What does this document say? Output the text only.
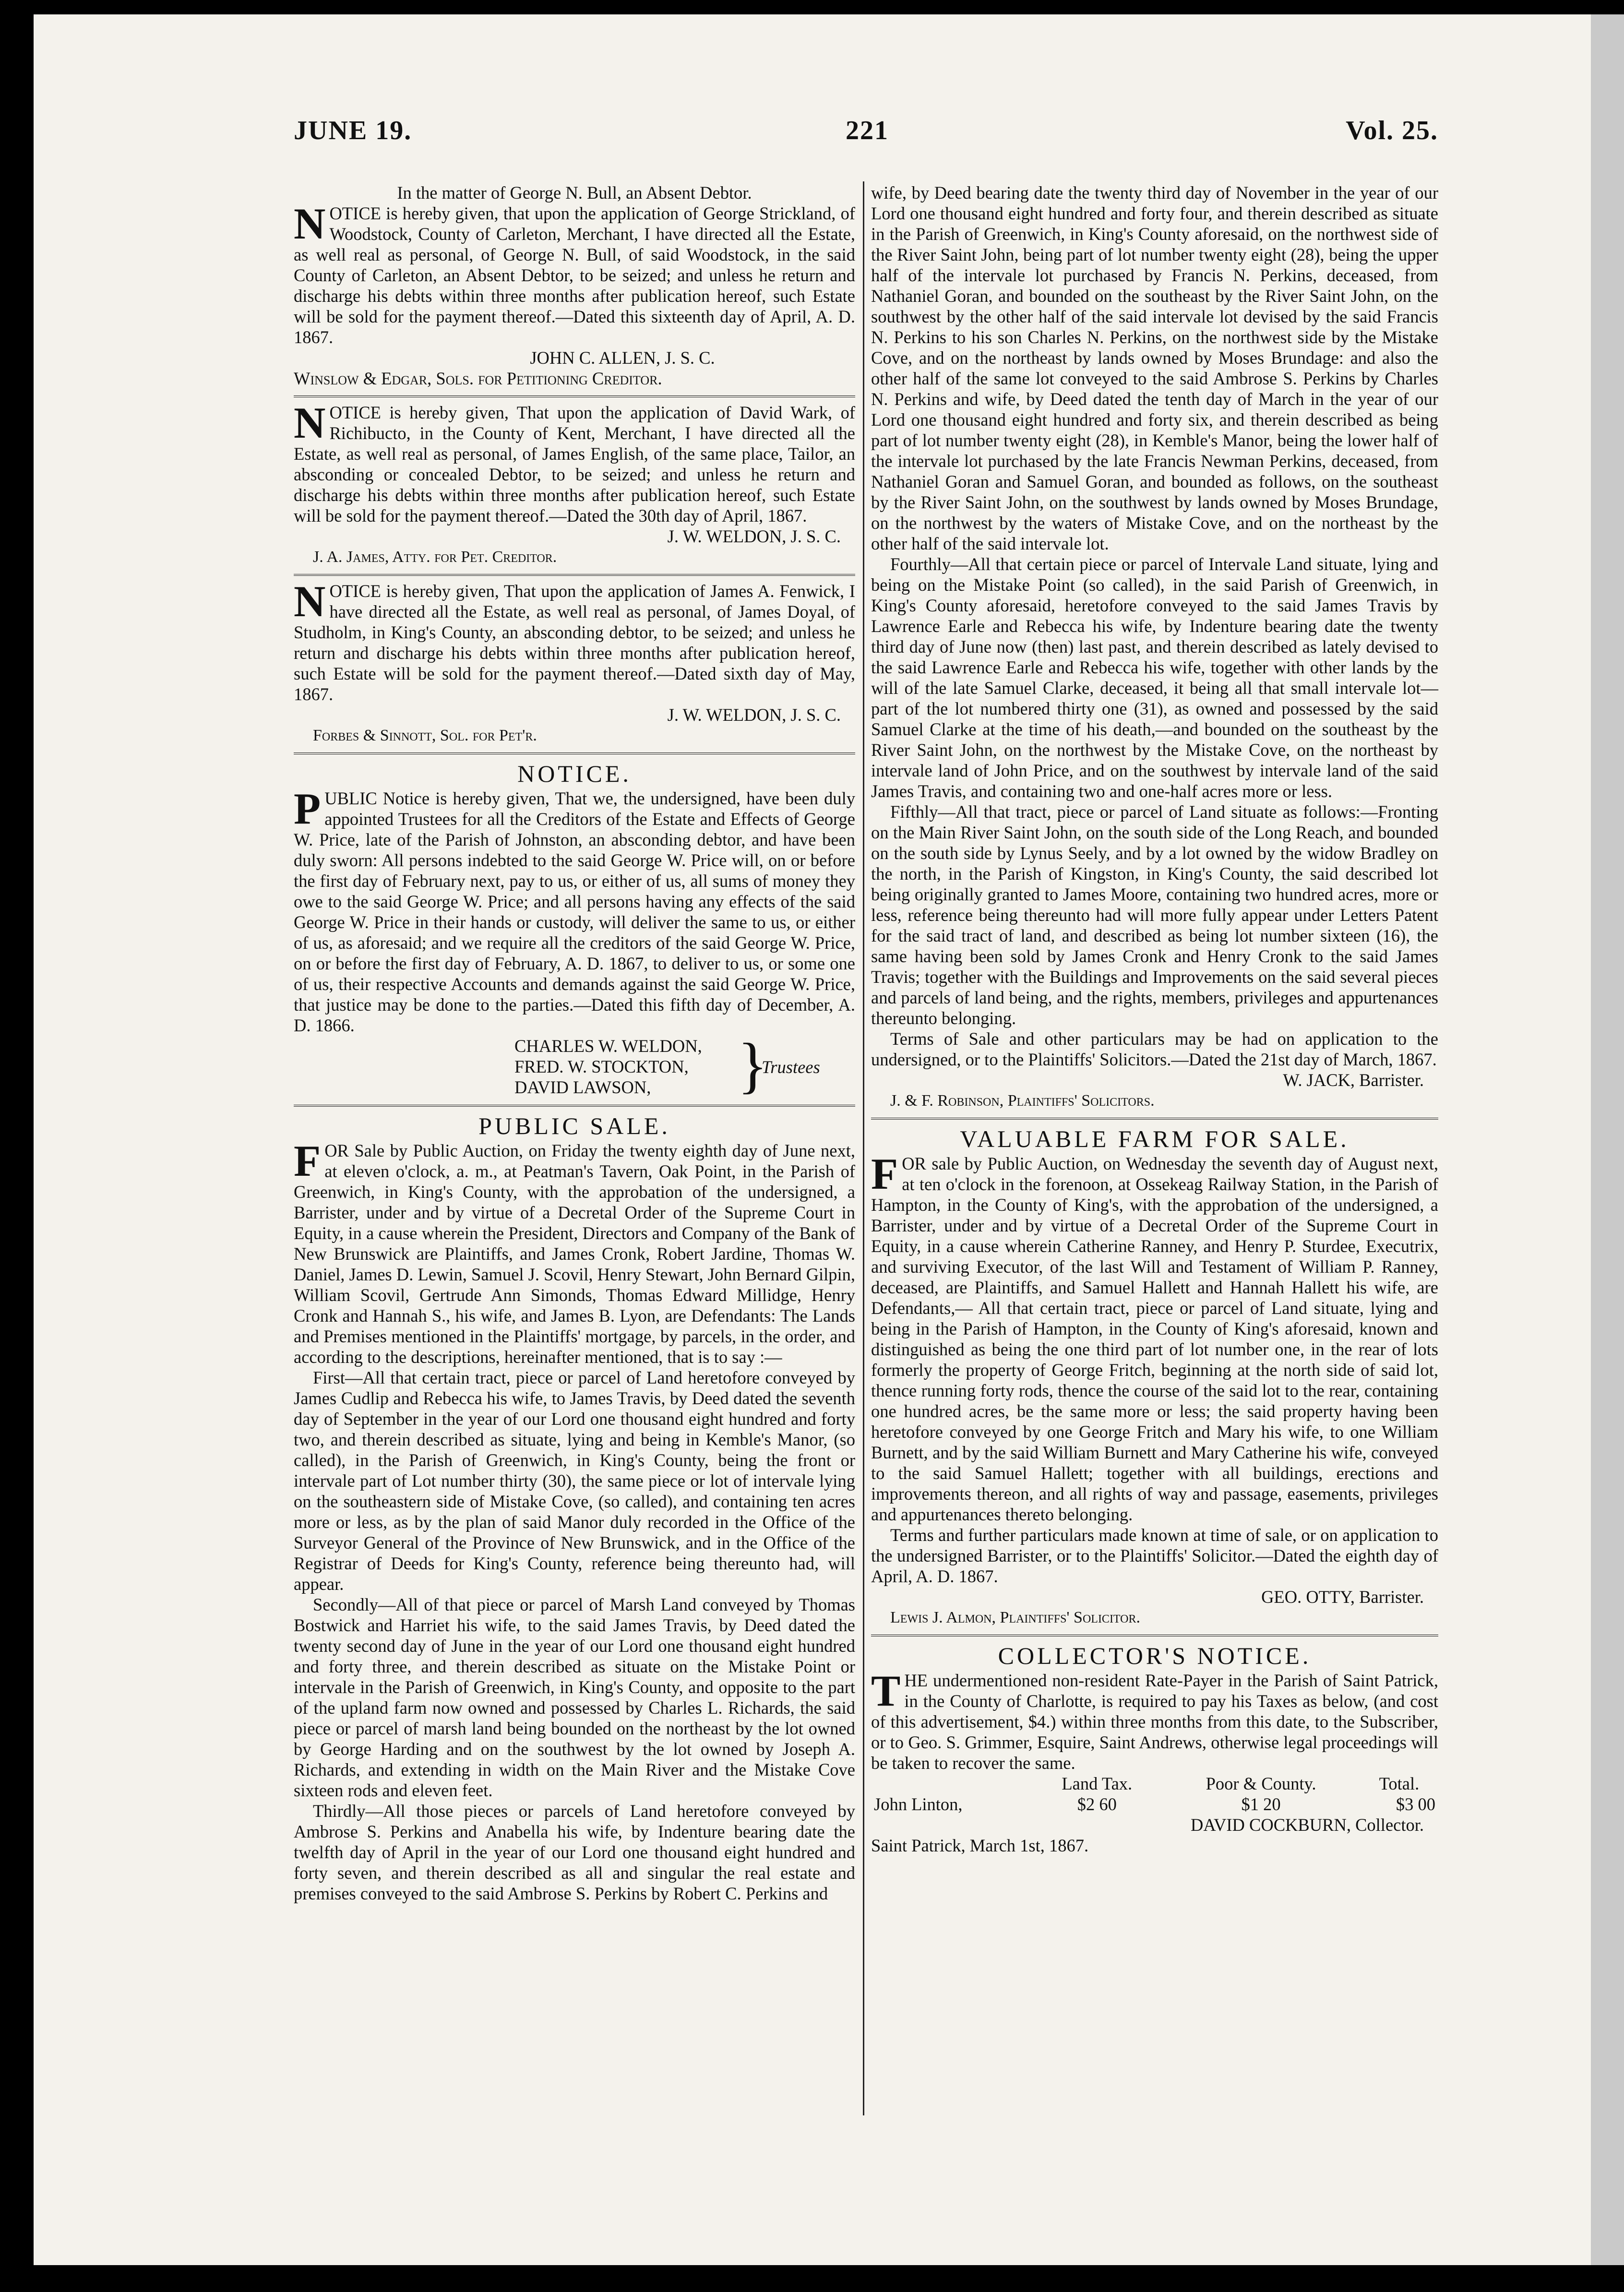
JUNE 19.	221	Vol. 25.

In the matter of George N. Bull, an Absent Debtor.

NOTICE is hereby given, that upon the application of George Strickland, of Woodstock, County of Carleton, Merchant, I have directed all the Estate, as well real as personal, of George N. Bull, of said Woodstock, in the said County of Carleton, an Absent Debtor, to be seized; and unless he return and discharge his debts within three months after publication hereof, such Estate will be sold for the payment thereof.—Dated this sixteenth day of April, A. D. 1867.

JOHN C. ALLEN, J. S. C.

Winslow & Edgar, Sols. for Petitioning Creditor.

NOTICE is hereby given, That upon the application of David Wark, of Richibucto, in the County of Kent, Merchant, I have directed all the Estate, as well real as personal, of James English, of the same place, Tailor, an absconding or concealed Debtor, to be seized; and unless he return and discharge his debts within three months after publication hereof, such Estate will be sold for the payment thereof.—Dated the 30th day of April, 1867.

J. W. WELDON, J. S. C.

J. A. James, Atty. for Pet. Creditor.

NOTICE is hereby given, That upon the application of James A. Fenwick, I have directed all the Estate, as well real as personal, of James Doyal, of Studholm, in King's County, an absconding debtor, to be seized; and unless he return and discharge his debts within three months after publication hereof, such Estate will be sold for the payment thereof.—Dated sixth day of May, 1867.

J. W. WELDON, J. S. C.

Forbes & Sinnott, Sol. for Pet'r.

NOTICE.

PUBLIC Notice is hereby given, That we, the undersigned, have been duly appointed Trustees for all the Creditors of the Estate and Effects of George W. Price, late of the Parish of Johnston, an absconding debtor, and have been duly sworn: All persons indebted to the said George W. Price will, on or before the first day of February next, pay to us, or either of us, all sums of money they owe to the said George W. Price; and all persons having any effects of the said George W. Price in their hands or custody, will deliver the same to us, or either of us, as aforesaid; and we require all the creditors of the said George W. Price, on or before the first day of February, A. D. 1867, to deliver to us, or some one of us, their respective Accounts and demands against the said George W. Price, that justice may be done to the parties.—Dated this fifth day of December, A. D. 1866.

CHARLES W. WELDON,
FRED. W. STOCKTON,
DAVID LAWSON,	}
Trustees

PUBLIC SALE.

FOR Sale by Public Auction, on Friday the twenty eighth day of June next, at eleven o'clock, a. m., at Peatman's Tavern, Oak Point, in the Parish of Greenwich, in King's County, with the approbation of the undersigned, a Barrister, under and by virtue of a Decretal Order of the Supreme Court in Equity, in a cause wherein the President, Directors and Company of the Bank of New Brunswick are Plaintiffs, and James Cronk, Robert Jardine, Thomas W. Daniel, James D. Lewin, Samuel J. Scovil, Henry Stewart, John Bernard Gilpin, William Scovil, Gertrude Ann Simonds, Thomas Edward Millidge, Henry Cronk and Hannah S., his wife, and James B. Lyon, are Defendants: The Lands and Premises mentioned in the Plaintiffs' mortgage, by parcels, in the order, and according to the descriptions, hereinafter mentioned, that is to say :—

First—All that certain tract, piece or parcel of Land heretofore conveyed by James Cudlip and Rebecca his wife, to James Travis, by Deed dated the seventh day of September in the year of our Lord one thousand eight hundred and forty two, and therein described as situate, lying and being in Kemble's Manor, (so called), in the Parish of Greenwich, in King's County, being the front or intervale part of Lot number thirty (30), the same piece or lot of intervale lying on the southeastern side of Mistake Cove, (so called), and containing ten acres more or less, as by the plan of said Manor duly recorded in the Office of the Surveyor General of the Province of New Brunswick, and in the Office of the Registrar of Deeds for King's County, reference being thereunto had, will appear.

Secondly—All of that piece or parcel of Marsh Land conveyed by Thomas Bostwick and Harriet his wife, to the said James Travis, by Deed dated the twenty second day of June in the year of our Lord one thousand eight hundred and forty three, and therein described as situate on the Mistake Point or intervale in the Parish of Greenwich, in King's County, and opposite to the part of the upland farm now owned and possessed by Charles L. Richards, the said piece or parcel of marsh land being bounded on the northeast by the lot owned by George Harding and on the southwest by the lot owned by Joseph A. Richards, and extending in width on the Main River and the Mistake Cove sixteen rods and eleven feet.

Thirdly—All those pieces or parcels of Land heretofore conveyed by Ambrose S. Perkins and Anabella his wife, by Indenture bearing date the twelfth day of April in the year of our Lord one thousand eight hundred and forty seven, and therein described as all and singular the real estate and premises conveyed to the said Ambrose S. Perkins by Robert C. Perkins and

wife, by Deed bearing date the twenty third day of November in the year of our Lord one thousand eight hundred and forty four, and therein described as situate in the Parish of Greenwich, in King's County aforesaid, on the northwest side of the River Saint John, being part of lot number twenty eight (28), being the upper half of the intervale lot purchased by Francis N. Perkins, deceased, from Nathaniel Goran, and bounded on the southeast by the River Saint John, on the southwest by the other half of the said intervale lot devised by the said Francis N. Perkins to his son Charles N. Perkins, on the northwest side by the Mistake Cove, and on the northeast by lands owned by Moses Brundage: and also the other half of the same lot conveyed to the said Ambrose S. Perkins by Charles N. Perkins and wife, by Deed dated the tenth day of March in the year of our Lord one thousand eight hundred and forty six, and therein described as being part of lot number twenty eight (28), in Kemble's Manor, being the lower half of the intervale lot purchased by the late Francis Newman Perkins, deceased, from Nathaniel Goran and Samuel Goran, and bounded as follows, on the southeast by the River Saint John, on the southwest by lands owned by Moses Brundage, on the northwest by the waters of Mistake Cove, and on the northeast by the other half of the said intervale lot.

Fourthly—All that certain piece or parcel of Intervale Land situate, lying and being on the Mistake Point (so called), in the said Parish of Greenwich, in King's County aforesaid, heretofore conveyed to the said James Travis by Lawrence Earle and Rebecca his wife, by Indenture bearing date the twenty third day of June now (then) last past, and therein described as lately devised to the said Lawrence Earle and Rebecca his wife, together with other lands by the will of the late Samuel Clarke, deceased, it being all that small intervale lot—part of the lot numbered thirty one (31), as owned and possessed by the said Samuel Clarke at the time of his death,—and bounded on the southeast by the River Saint John, on the northwest by the Mistake Cove, on the northeast by intervale land of John Price, and on the southwest by intervale land of the said James Travis, and containing two and one-half acres more or less.

Fifthly—All that tract, piece or parcel of Land situate as follows:—Fronting on the Main River Saint John, on the south side of the Long Reach, and bounded on the south side by Lynus Seely, and by a lot owned by the widow Bradley on the north, in the Parish of Kingston, in King's County, the said described lot being originally granted to James Moore, containing two hundred acres, more or less, reference being thereunto had will more fully appear under Letters Patent for the said tract of land, and described as being lot number sixteen (16), the same having been sold by James Cronk and Henry Cronk to the said James Travis; together with the Buildings and Improvements on the said several pieces and parcels of land being, and the rights, members, privileges and appurtenances thereunto belonging.

Terms of Sale and other particulars may be had on application to the undersigned, or to the Plaintiffs' Solicitors.—Dated the 21st day of March, 1867.

W. JACK, Barrister.

J. & F. Robinson, Plaintiffs' Solicitors.

VALUABLE FARM FOR SALE.

FOR sale by Public Auction, on Wednesday the seventh day of August next, at ten o'clock in the forenoon, at Ossekeag Railway Station, in the Parish of Hampton, in the County of King's, with the approbation of the undersigned, a Barrister, under and by virtue of a Decretal Order of the Supreme Court in Equity, in a cause wherein Catherine Ranney, and Henry P. Sturdee, Executrix, and surviving Executor, of the last Will and Testament of William P. Ranney, deceased, are Plaintiffs, and Samuel Hallett and Hannah Hallett his wife, are Defendants,— All that certain tract, piece or parcel of Land situate, lying and being in the Parish of Hampton, in the County of King's aforesaid, known and distinguished as being the one third part of lot number one, in the rear of lots formerly the property of George Fritch, beginning at the north side of said lot, thence running forty rods, thence the course of the said lot to the rear, containing one hundred acres, be the same more or less; the said property having been heretofore conveyed by one George Fritch and Mary his wife, to one William Burnett, and by the said William Burnett and Mary Catherine his wife, conveyed to the said Samuel Hallett; together with all buildings, erections and improvements thereon, and all rights of way and passage, easements, privileges and appurtenances thereto belonging.

Terms and further particulars made known at time of sale, or on application to the undersigned Barrister, or to the Plaintiffs' Solicitor.—Dated the eighth day of April, A. D. 1867.

GEO. OTTY, Barrister.

Lewis J. Almon, Plaintiffs' Solicitor.

COLLECTOR'S NOTICE.

THE undermentioned non-resident Rate-Payer in the Parish of Saint Patrick, in the County of Charlotte, is required to pay his Taxes as below, (and cost of this advertisement, $4.) within three months from this date, to the Subscriber, or to Geo. S. Grimmer, Esquire, Saint Andrews, otherwise legal proceedings will be taken to recover the same.

	Land Tax.	Poor & County.	Total.
John Linton,	$2 60	$1 20	$3 00

DAVID COCKBURN, Collector.

Saint Patrick, March 1st, 1867.
